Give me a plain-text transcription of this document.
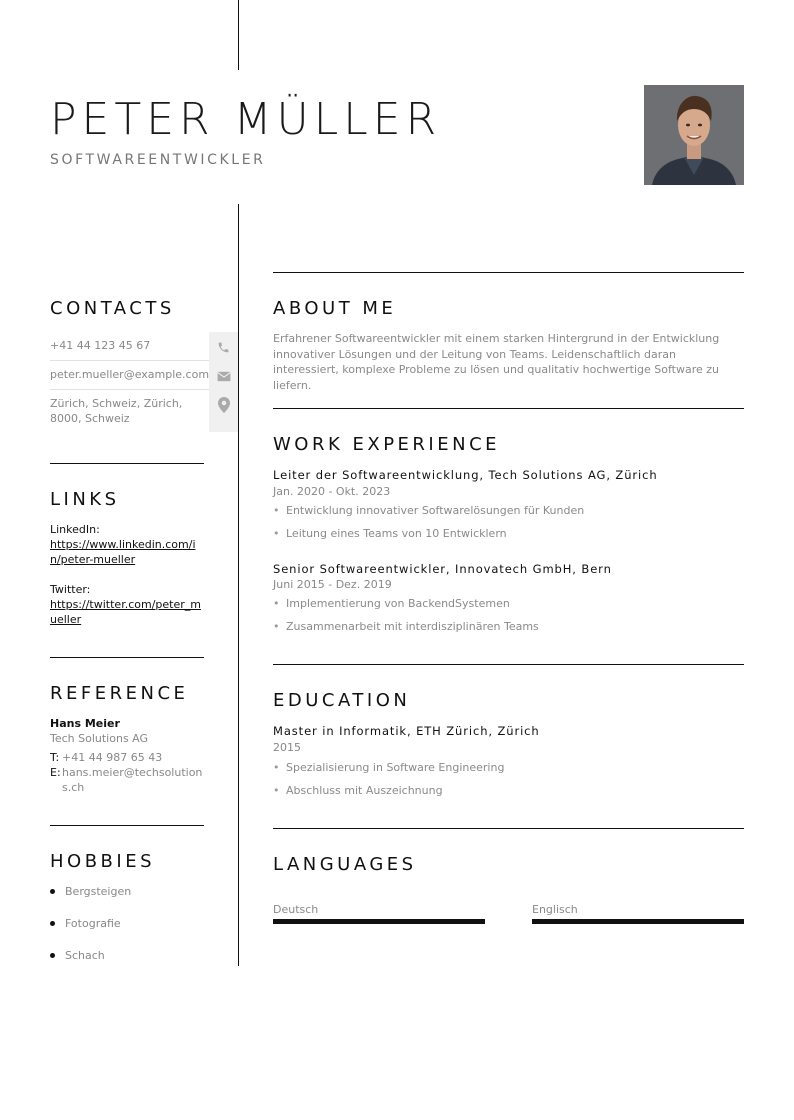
PETER MÜLLER
SOFTWAREENTWICKLER
CONTACTS
+41 44 123 45 67
peter.mueller@example.com
Zürich, Schweiz, Zürich, 8000, Schweiz
LINKS
LinkedIn:
https://www.linkedin.com/in/peter-mueller
Twitter:
https://twitter.com/peter_mueller
REFERENCE
Hans Meier
Tech Solutions AG
T: +41 44 987 65 43
E: hans.meier@techsolutions.ch
HOBBIES
Bergsteigen
Fotografie
Schach
ABOUT ME
Erfahrener Softwareentwickler mit einem starken Hintergrund in der Entwicklung innovativer Lösungen und der Leitung von Teams. Leidenschaftlich daran interessiert, komplexe Probleme zu lösen und qualitativ hochwertige Software zu liefern.
WORK EXPERIENCE
Leiter der Softwareentwicklung, Tech Solutions AG, Zürich
Jan. 2020 - Okt. 2023
• Entwicklung innovativer Softwarelösungen für Kunden
• Leitung eines Teams von 10 Entwicklern
Senior Softwareentwickler, Innovatech GmbH, Bern
Juni 2015 - Dez. 2019
• Implementierung von BackendSystemen
• Zusammenarbeit mit interdisziplinären Teams
EDUCATION
Master in Informatik, ETH Zürich, Zürich
2015
• Spezialisierung in Software Engineering
• Abschluss mit Auszeichnung
LANGUAGES
Deutsch	Englisch
